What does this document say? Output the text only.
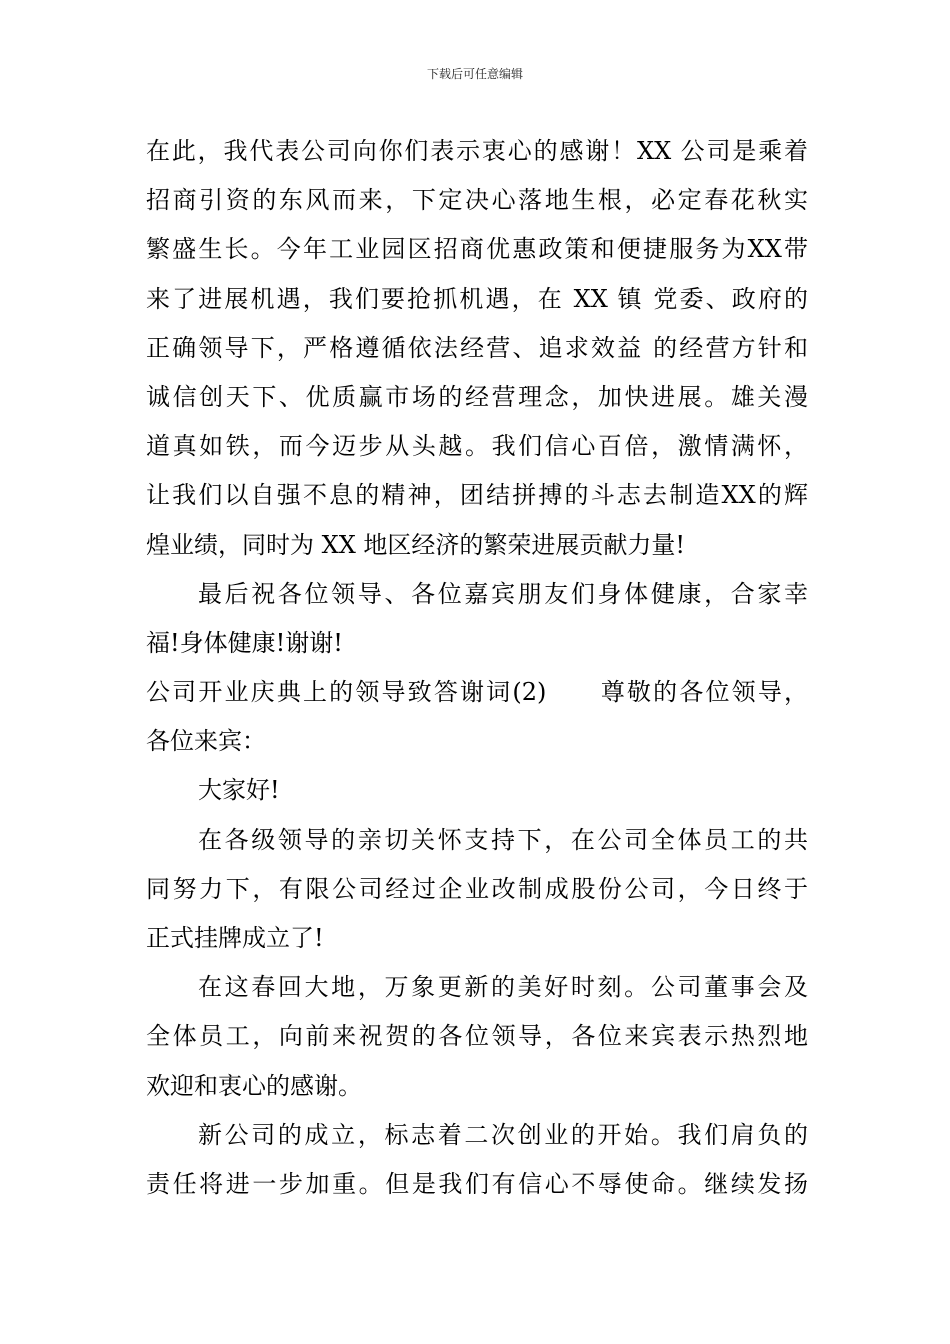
下载后可任意编辑
在此，我代表公司向你们表示衷心的感谢！XX 公司是乘着
招商引资的东风而来，下定决心落地生根，必定春花秋实
繁盛生长。今年工业园区招商优惠政策和便捷服务为XX带
来了进展机遇，我们要抢抓机遇，在 XX 镇 党委、政府的
正确领导下，严格遵循依法经营、追求效益 的经营方针和
诚信创天下、优质赢市场的经营理念，加快进展。雄关漫
道真如铁，而今迈步从头越。我们信心百倍，激情满怀，
让我们以自强不息的精神，团结拼搏的斗志去制造XX的辉
煌业绩，同时为 XX 地区经济的繁荣进展贡献力量!
最后祝各位领导、各位嘉宾朋友们身体健康，合家幸
福!身体健康!谢谢!
公司开业庆典上的领导致答谢词(2)　　尊敬的各位领导，
各位来宾：
大家好!
在各级领导的亲切关怀支持下，在公司全体员工的共
同努力下，有限公司经过企业改制成股份公司，今日终于
正式挂牌成立了!
在这春回大地，万象更新的美好时刻。公司董事会及
全体员工，向前来祝贺的各位领导，各位来宾表示热烈地
欢迎和衷心的感谢。
新公司的成立，标志着二次创业的开始。我们肩负的
责任将进一步加重。但是我们有信心不辱使命。继续发扬
